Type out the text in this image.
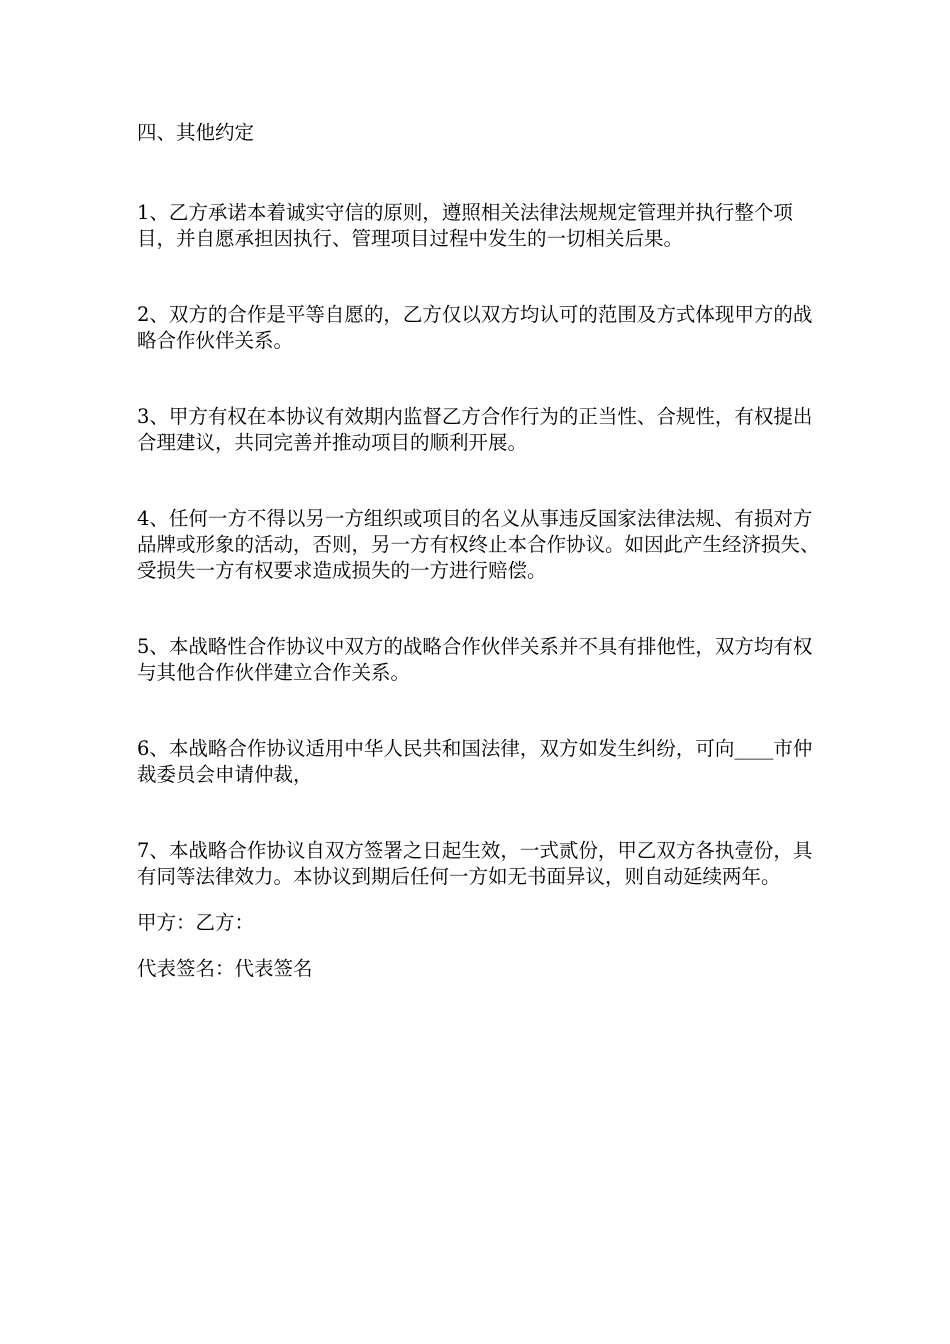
四、其他约定

1、乙方承诺本着诚实守信的原则，遵照相关法律法规规定管理并执行整个项目，并自愿承担因执行、管理项目过程中发生的一切相关后果。

2、双方的合作是平等自愿的，乙方仅以双方均认可的范围及方式体现甲方的战略合作伙伴关系。

3、甲方有权在本协议有效期内监督乙方合作行为的正当性、合规性，有权提出合理建议，共同完善并推动项目的顺利开展。

4、任何一方不得以另一方组织或项目的名义从事违反国家法律法规、有损对方品牌或形象的活动，否则，另一方有权终止本合作协议。如因此产生经济损失、受损失一方有权要求造成损失的一方进行赔偿。

5、本战略性合作协议中双方的战略合作伙伴关系并不具有排他性，双方均有权与其他合作伙伴建立合作关系。

6、本战略合作协议适用中华人民共和国法律，双方如发生纠纷，可向____市仲裁委员会申请仲裁，

7、本战略合作协议自双方签署之日起生效，一式贰份，甲乙双方各执壹份，具有同等法律效力。本协议到期后任何一方如无书面异议，则自动延续两年。

甲方：乙方：

代表签名：代表签名
